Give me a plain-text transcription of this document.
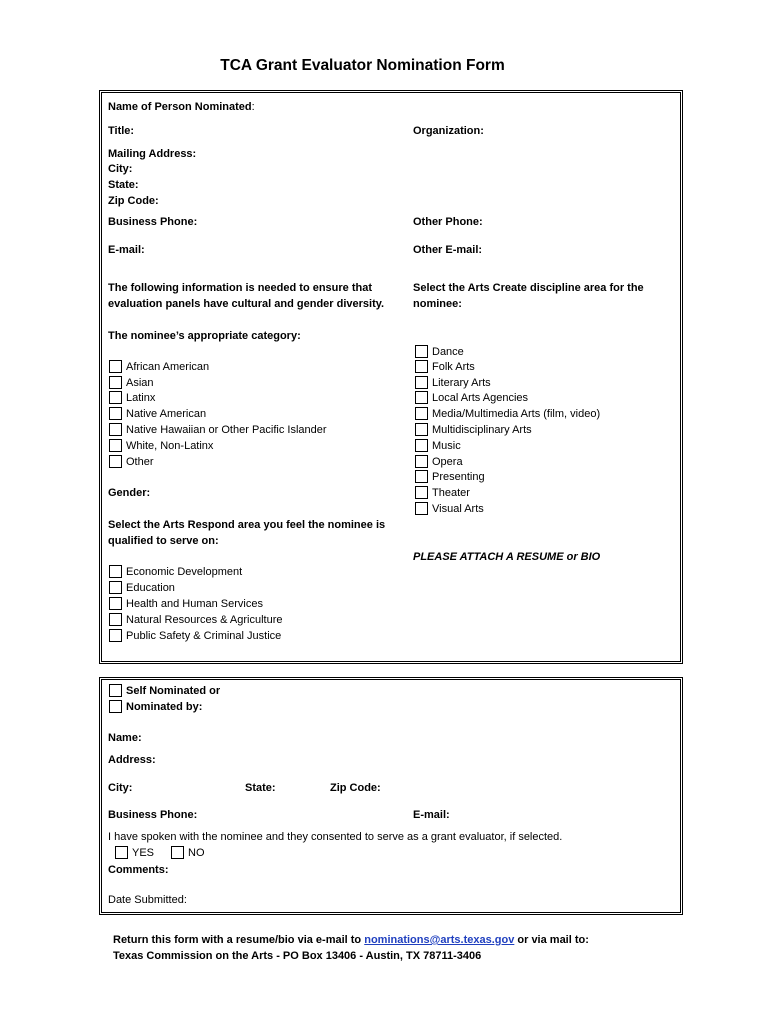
TCA Grant Evaluator Nomination Form
Name of Person Nominated:
Title:	Organization:
Mailing Address:
City:
State:
Zip Code:
Business Phone:	Other Phone:
E-mail:	Other E-mail:
The following information is needed to ensure that
evaluation panels have cultural and gender diversity.
Select the Arts Create discipline area for the
nominee:
The nominee’s appropriate category:
African American
Asian
Latinx
Native American
Native Hawaiian or Other Pacific Islander
White, Non-Latinx
Other
Gender:
Select the Arts Respond area you feel the nominee is
qualified to serve on:
Economic Development
Education
Health and Human Services
Natural Resources & Agriculture
Public Safety & Criminal Justice
Dance
Folk Arts
Literary Arts
Local Arts Agencies
Media/Multimedia Arts (film, video)
Multidisciplinary Arts
Music
Opera
Presenting
Theater
Visual Arts
PLEASE ATTACH A RESUME or BIO
Self Nominated or
Nominated by:
Name:
Address:
City:	State:	Zip Code:
Business Phone:	E-mail:
I have spoken with the nominee and they consented to serve as a grant evaluator, if selected.
YES	NO
Comments:
Date Submitted:
Return this form with a resume/bio via e-mail to nominations@arts.texas.gov or via mail to:
Texas Commission on the Arts - PO Box 13406 - Austin, TX 78711-3406
